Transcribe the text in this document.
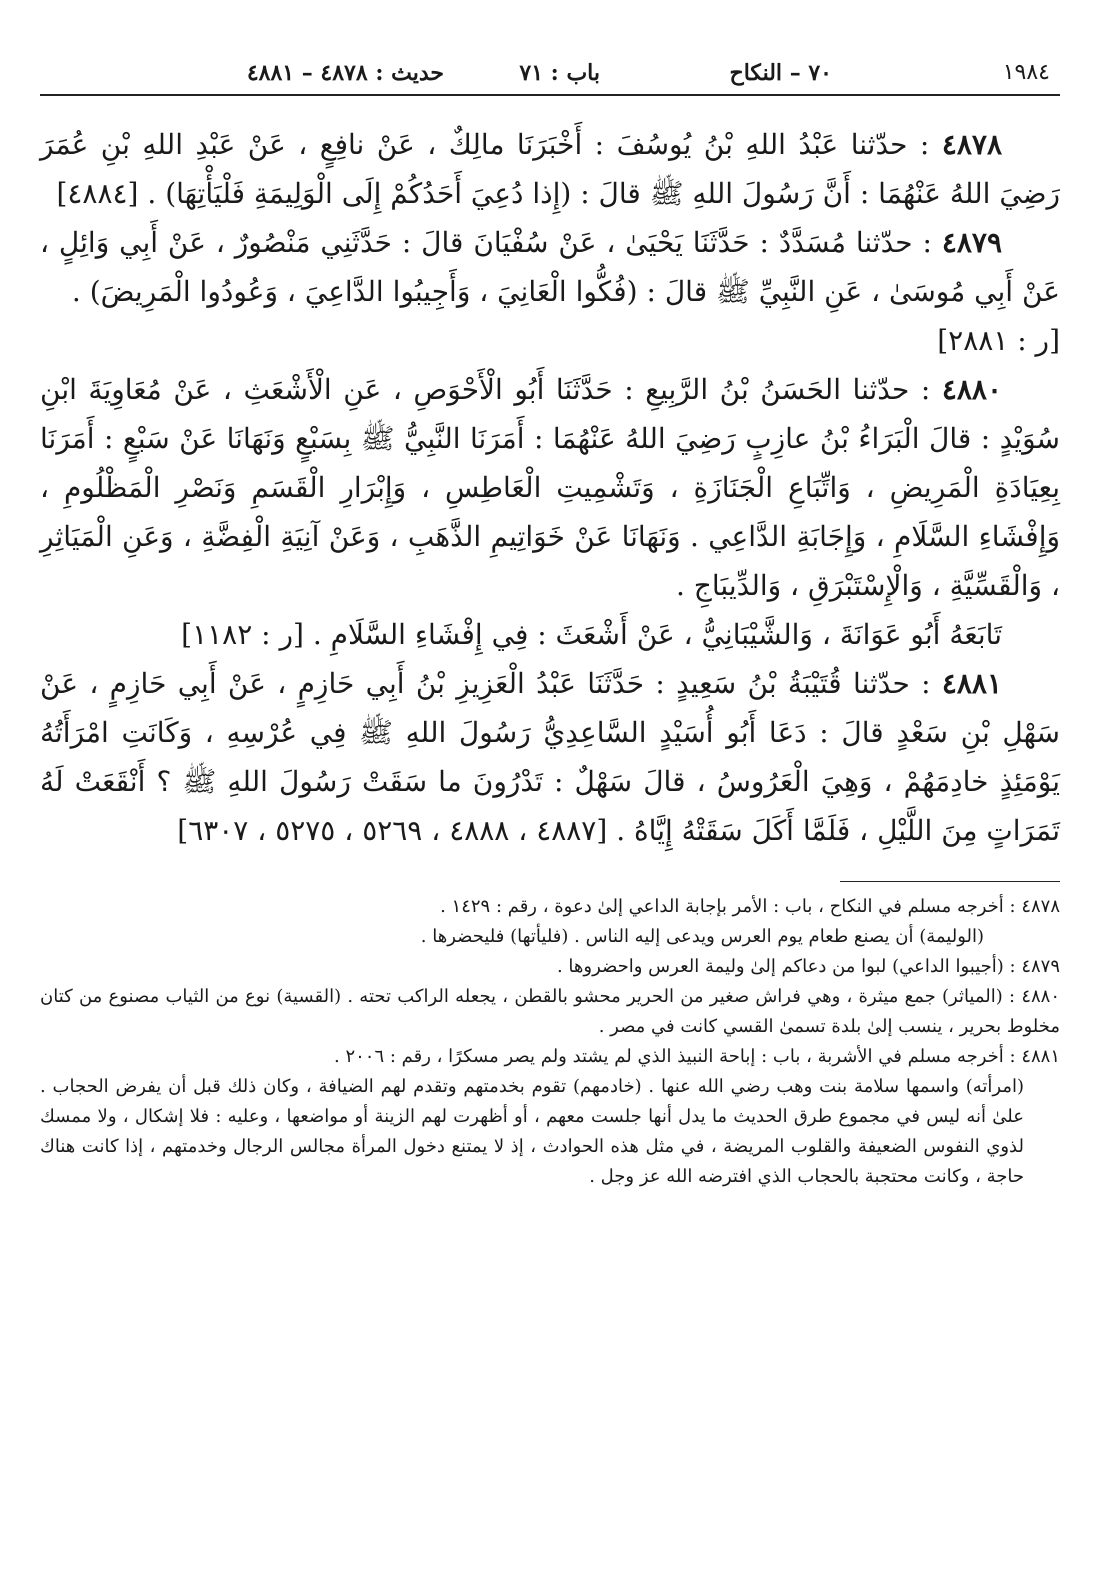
١٩٨٤
٧٠ – النكاح
باب : ٧١
حديث : ٤٨٧٨ – ٤٨٨١

٤٨٧٨ : حدّثنا عَبْدُ اللهِ بْنُ يُوسُفَ : أَخْبَرَنَا مالِكٌ ، عَنْ نافِعٍ ، عَنْ عَبْدِ اللهِ بْنِ عُمَرَ رَضِيَ اللهُ عَنْهُمَا : أَنَّ رَسُولَ اللهِ ﷺ قالَ : (إِذا دُعِيَ أَحَدُكُمْ إِلَى الْوَلِيمَةِ فَلْيَأْتِهَا) . [٤٨٨٤]

٤٨٧٩ : حدّثنا مُسَدَّدٌ : حَدَّثَنَا يَحْيَىٰ ، عَنْ سُفْيَانَ قالَ : حَدَّثَنِي مَنْصُورٌ ، عَنْ أَبِي وَائِلٍ ، عَنْ أَبِي مُوسَىٰ ، عَنِ النَّبِيِّ ﷺ قالَ : (فُكُّوا الْعَانِيَ ، وَأَجِيبُوا الدَّاعِيَ ، وَعُودُوا الْمَرِيضَ) .

[ر : ٢٨٨١]

٤٨٨٠ : حدّثنا الحَسَنُ بْنُ الرَّبِيعِ : حَدَّثَنَا أَبُو الْأَحْوَصِ ، عَنِ الْأَشْعَثِ ، عَنْ مُعَاوِيَةَ ابْنِ سُوَيْدٍ : قالَ الْبَرَاءُ بْنُ عازِبٍ رَضِيَ اللهُ عَنْهُمَا : أَمَرَنَا النَّبِيُّ ﷺ بِسَبْعٍ وَنَهَانَا عَنْ سَبْعٍ : أَمَرَنَا بِعِيَادَةِ الْمَرِيضِ ، وَاتِّبَاعِ الْجَنَازَةِ ، وَتَشْمِيتِ الْعَاطِسِ ، وَإِبْرَارِ الْقَسَمِ وَنَصْرِ الْمَظْلُومِ ، وَإِفْشَاءِ السَّلَامِ ، وَإِجَابَةِ الدَّاعِي . وَنَهَانَا عَنْ خَوَاتِيمِ الذَّهَبِ ، وَعَنْ آنِيَةِ الْفِضَّةِ ، وَعَنِ الْمَيَاثِرِ ، وَالْقَسِّيَّةِ ، وَالْإِسْتَبْرَقِ ، وَالدِّيبَاجِ .

تَابَعَهُ أَبُو عَوَانَةَ ، وَالشَّيْبَانِيُّ ، عَنْ أَشْعَثَ : فِي إِفْشَاءِ السَّلَامِ . [ر : ١١٨٢]

٤٨٨١ : حدّثنا قُتَيْبَةُ بْنُ سَعِيدٍ : حَدَّثَنَا عَبْدُ الْعَزِيزِ بْنُ أَبِي حَازِمٍ ، عَنْ أَبِي حَازِمٍ ، عَنْ سَهْلِ بْنِ سَعْدٍ قالَ : دَعَا أَبُو أُسَيْدٍ السَّاعِدِيُّ رَسُولَ اللهِ ﷺ فِي عُرْسِهِ ، وَكَانَتِ امْرَأَتُهُ يَوْمَئِذٍ خادِمَهُمْ ، وَهِيَ الْعَرُوسُ ، قالَ سَهْلٌ : تَدْرُونَ ما سَقَتْ رَسُولَ اللهِ ﷺ ؟ أَنْقَعَتْ لَهُ تَمَرَاتٍ مِنَ اللَّيْلِ ، فَلَمَّا أَكَلَ سَقَتْهُ إِيَّاهُ . [٤٨٨٧ ، ٤٨٨٨ ، ٥٢٦٩ ، ٥٢٧٥ ، ٦٣٠٧]

٤٨٧٨ : أخرجه مسلم في النكاح ، باب : الأمر بإجابة الداعي إلىٰ دعوة ، رقم : ١٤٢٩ .

(الوليمة) أن يصنع طعام يوم العرس ويدعى إليه الناس . (فليأتها) فليحضرها .

٤٨٧٩ : (أجيبوا الداعي) لبوا من دعاكم إلىٰ وليمة العرس واحضروها .

٤٨٨٠ : (المياثر) جمع ميثرة ، وهي فراش صغير من الحرير محشو بالقطن ، يجعله الراكب تحته . (القسية) نوع من الثياب مصنوع من كتان مخلوط بحرير ، ينسب إلىٰ بلدة تسمىٰ القسي كانت في مصر .

٤٨٨١ : أخرجه مسلم في الأشربة ، باب : إباحة النبيذ الذي لم يشتد ولم يصر مسكرًا ، رقم : ٢٠٠٦ .

(امرأته) واسمها سلامة بنت وهب رضي الله عنها . (خادمهم) تقوم بخدمتهم وتقدم لهم الضيافة ، وكان ذلك قبل أن يفرض الحجاب . علىٰ أنه ليس في مجموع طرق الحديث ما يدل أنها جلست معهم ، أو أظهرت لهم الزينة أو مواضعها ، وعليه : فلا إشكال ، ولا ممسك لذوي النفوس الضعيفة والقلوب المريضة ، في مثل هذه الحوادث ، إذ لا يمتنع دخول المرأة مجالس الرجال وخدمتهم ، إذا كانت هناك حاجة ، وكانت محتجبة بالحجاب الذي افترضه الله عز وجل .
